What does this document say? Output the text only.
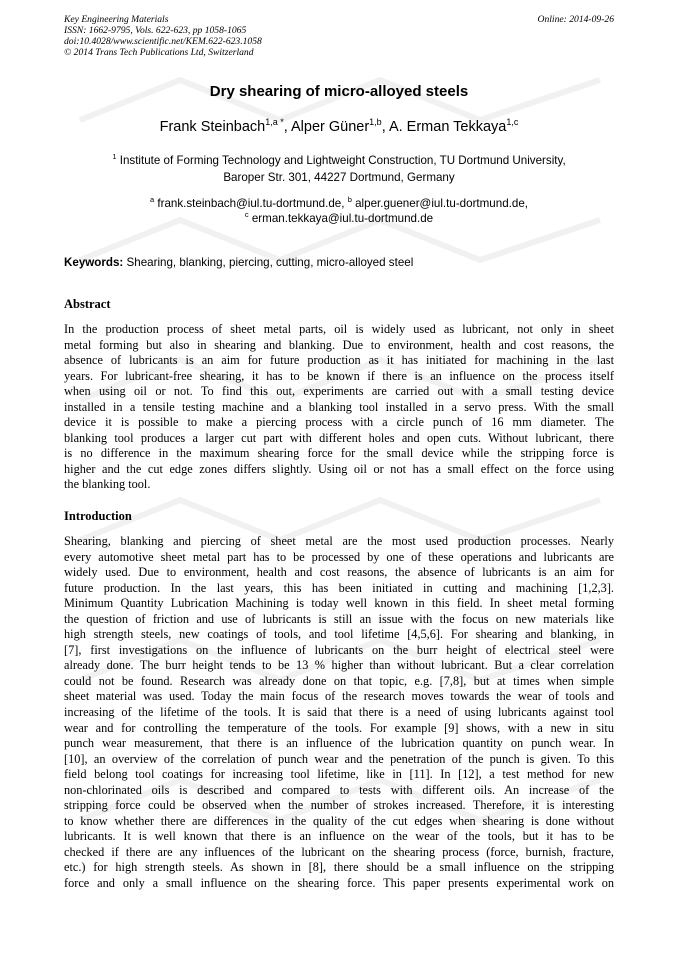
Key Engineering Materials
ISSN: 1662-9795, Vols. 622-623, pp 1058-1065
doi:10.4028/www.scientific.net/KEM.622-623.1058
© 2014 Trans Tech Publications Ltd, Switzerland
Online: 2014-09-26
Dry shearing of micro-alloyed steels
Frank Steinbach$^{1,a *}$, Alper Güner$^{1,b}$, A. Erman Tekkaya$^{1,c}$
$^1$ Institute of Forming Technology and Lightweight Construction, TU Dortmund University,
Baroper Str. 301, 44227 Dortmund, Germany
$^a$ frank.steinbach@iul.tu-dortmund.de, $^b$ alper.guener@iul.tu-dortmund.de,
$^c$ erman.tekkaya@iul.tu-dortmund.de
Keywords: Shearing, blanking, piercing, cutting, micro-alloyed steel
Abstract
In the production process of sheet metal parts, oil is widely used as lubricant, not only in sheet
metal forming but also in shearing and blanking. Due to environment, health and cost reasons, the
absence of lubricants is an aim for future production as it has initiated for machining in the last
years. For lubricant-free shearing, it has to be known if there is an influence on the process itself
when using oil or not. To find this out, experiments are carried out with a small testing device
installed in a tensile testing machine and a blanking tool installed in a servo press. With the small
device it is possible to make a piercing process with a circle punch of 16 mm diameter. The
blanking tool produces a larger cut part with different holes and open cuts. Without lubricant, there
is no difference in the maximum shearing force for the small device while the stripping force is
higher and the cut edge zones differs slightly. Using oil or not has a small effect on the force using
the blanking tool.
Introduction
Shearing, blanking and piercing of sheet metal are the most used production processes. Nearly
every automotive sheet metal part has to be processed by one of these operations and lubricants are
widely used. Due to environment, health and cost reasons, the absence of lubricants is an aim for
future production. In the last years, this has been initiated in cutting and machining [1,2,3].
Minimum Quantity Lubrication Machining is today well known in this field. In sheet metal forming
the question of friction and use of lubricants is still an issue with the focus on new materials like
high strength steels, new coatings of tools, and tool lifetime [4,5,6]. For shearing and blanking, in
[7], first investigations on the influence of lubricants on the burr height of electrical steel were
already done. The burr height tends to be 13 % higher than without lubricant. But a clear correlation
could not be found. Research was already done on that topic, e.g. [7,8], but at times when simple
sheet material was used. Today the main focus of the research moves towards the wear of tools and
increasing of the lifetime of the tools. It is said that there is a need of using lubricants against tool
wear and for controlling the temperature of the tools. For example [9] shows, with a new in situ
punch wear measurement, that there is an influence of the lubrication quantity on punch wear. In
[10], an overview of the correlation of punch wear and the penetration of the punch is given. To this
field belong tool coatings for increasing tool lifetime, like in [11]. In [12], a test method for new
non-chlorinated oils is described and compared to tests with different oils. An increase of the
stripping force could be observed when the number of strokes increased. Therefore, it is interesting
to know whether there are differences in the quality of the cut edges when shearing is done without
lubricants. It is well known that there is an influence on the wear of the tools, but it has to be
checked if there are any influences of the lubricant on the shearing process (force, burnish, fracture,
etc.) for high strength steels. As shown in [8], there should be a small influence on the stripping
force and only a small influence on the shearing force. This paper presents experimental work on
